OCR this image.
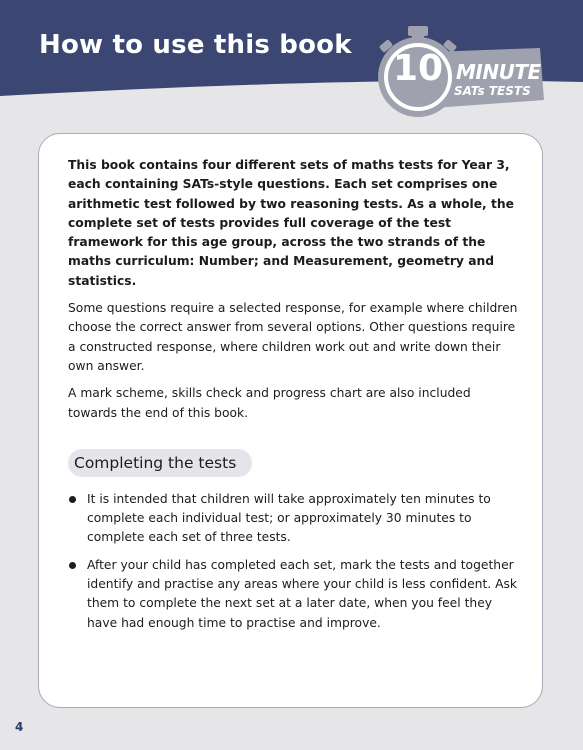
How to use this book
10 MINUTE
SATs TESTS

This book contains four different sets of maths tests for Year 3, each containing SATs-style questions. Each set comprises one arithmetic test followed by two reasoning tests. As a whole, the complete set of tests provides full coverage of the test framework for this age group, across the two strands of the maths curriculum: Number; and Measurement, geometry and statistics.

Some questions require a selected response, for example where children choose the correct answer from several options. Other questions require a constructed response, where children work out and write down their own answer.

A mark scheme, skills check and progress chart are also included towards the end of this book.

Completing the tests
It is intended that children will take approximately ten minutes to complete each individual test; or approximately 30 minutes to complete each set of three tests.
After your child has completed each set, mark the tests and together identify and practise any areas where your child is less confident. Ask them to complete the next set at a later date, when you feel they have had enough time to practise and improve.
4
